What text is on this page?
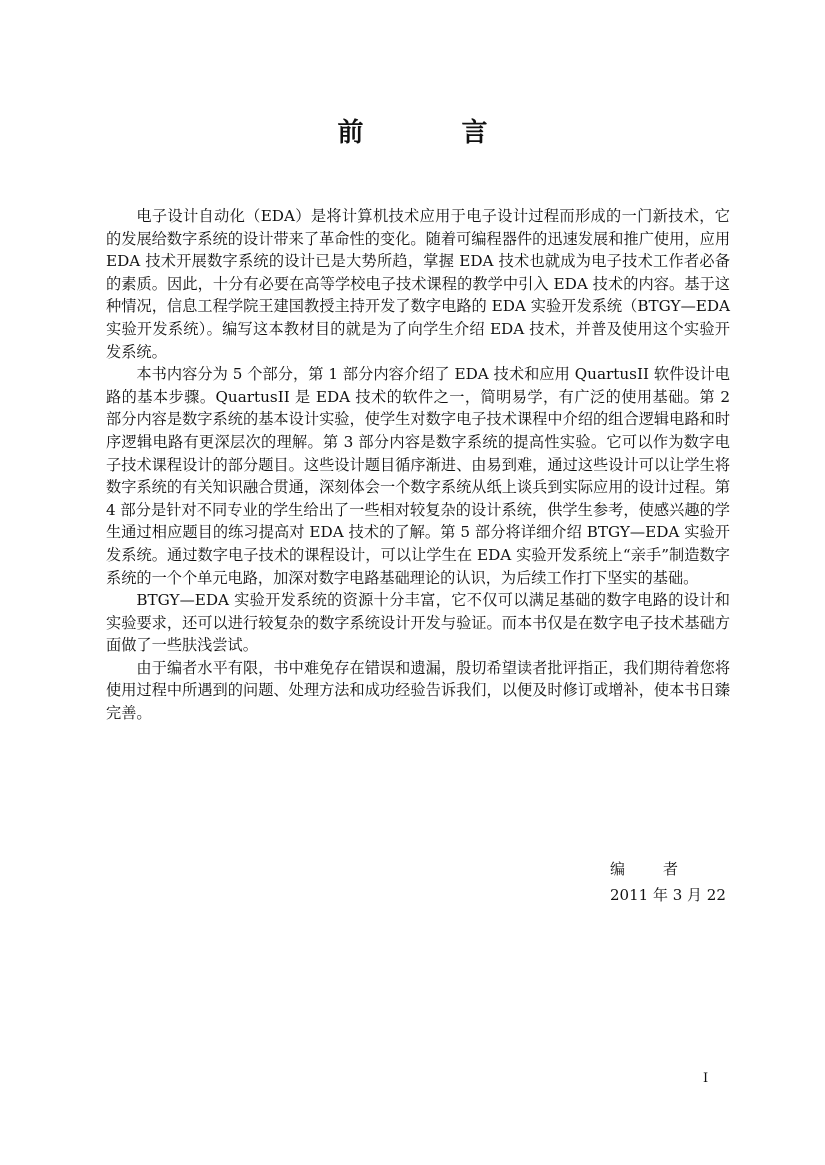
前	言

电子设计自动化（EDA）是将计算机技术应用于电子设计过程而形成的一门新技术，它的发展给数字系统的设计带来了革命性的变化。随着可编程器件的迅速发展和推广使用，应用 EDA 技术开展数字系统的设计已是大势所趋，掌握 EDA 技术也就成为电子技术工作者必备的素质。因此，十分有必要在高等学校电子技术课程的教学中引入 EDA 技术的内容。基于这种情况，信息工程学院王建国教授主持开发了数字电路的 EDA 实验开发系统（BTGY—EDA 实验开发系统）。编写这本教材目的就是为了向学生介绍 EDA 技术，并普及使用这个实验开发系统。

本书内容分为 5 个部分，第 1 部分内容介绍了 EDA 技术和应用 QuartusII 软件设计电路的基本步骤。QuartusII 是 EDA 技术的软件之一，简明易学，有广泛的使用基础。第 2 部分内容是数字系统的基本设计实验，使学生对数字电子技术课程中介绍的组合逻辑电路和时序逻辑电路有更深层次的理解。第 3 部分内容是数字系统的提高性实验。它可以作为数字电子技术课程设计的部分题目。这些设计题目循序渐进、由易到难，通过这些设计可以让学生将数字系统的有关知识融合贯通，深刻体会一个数字系统从纸上谈兵到实际应用的设计过程。第 4 部分是针对不同专业的学生给出了一些相对较复杂的设计系统，供学生参考，使感兴趣的学生通过相应题目的练习提高对 EDA 技术的了解。第 5 部分将详细介绍 BTGY—EDA 实验开发系统。通过数字电子技术的课程设计，可以让学生在 EDA 实验开发系统上“亲手”制造数字系统的一个个单元电路，加深对数字电路基础理论的认识，为后续工作打下坚实的基础。

BTGY—EDA 实验开发系统的资源十分丰富，它不仅可以满足基础的数字电路的设计和实验要求，还可以进行较复杂的数字系统设计开发与验证。而本书仅是在数字电子技术基础方面做了一些肤浅尝试。

由于编者水平有限，书中难免存在错误和遗漏，殷切希望读者批评指正，我们期待着您将使用过程中所遇到的问题、处理方法和成功经验告诉我们，以便及时修订或增补，使本书日臻完善。

编	者
2011 年 3 月 22
I
